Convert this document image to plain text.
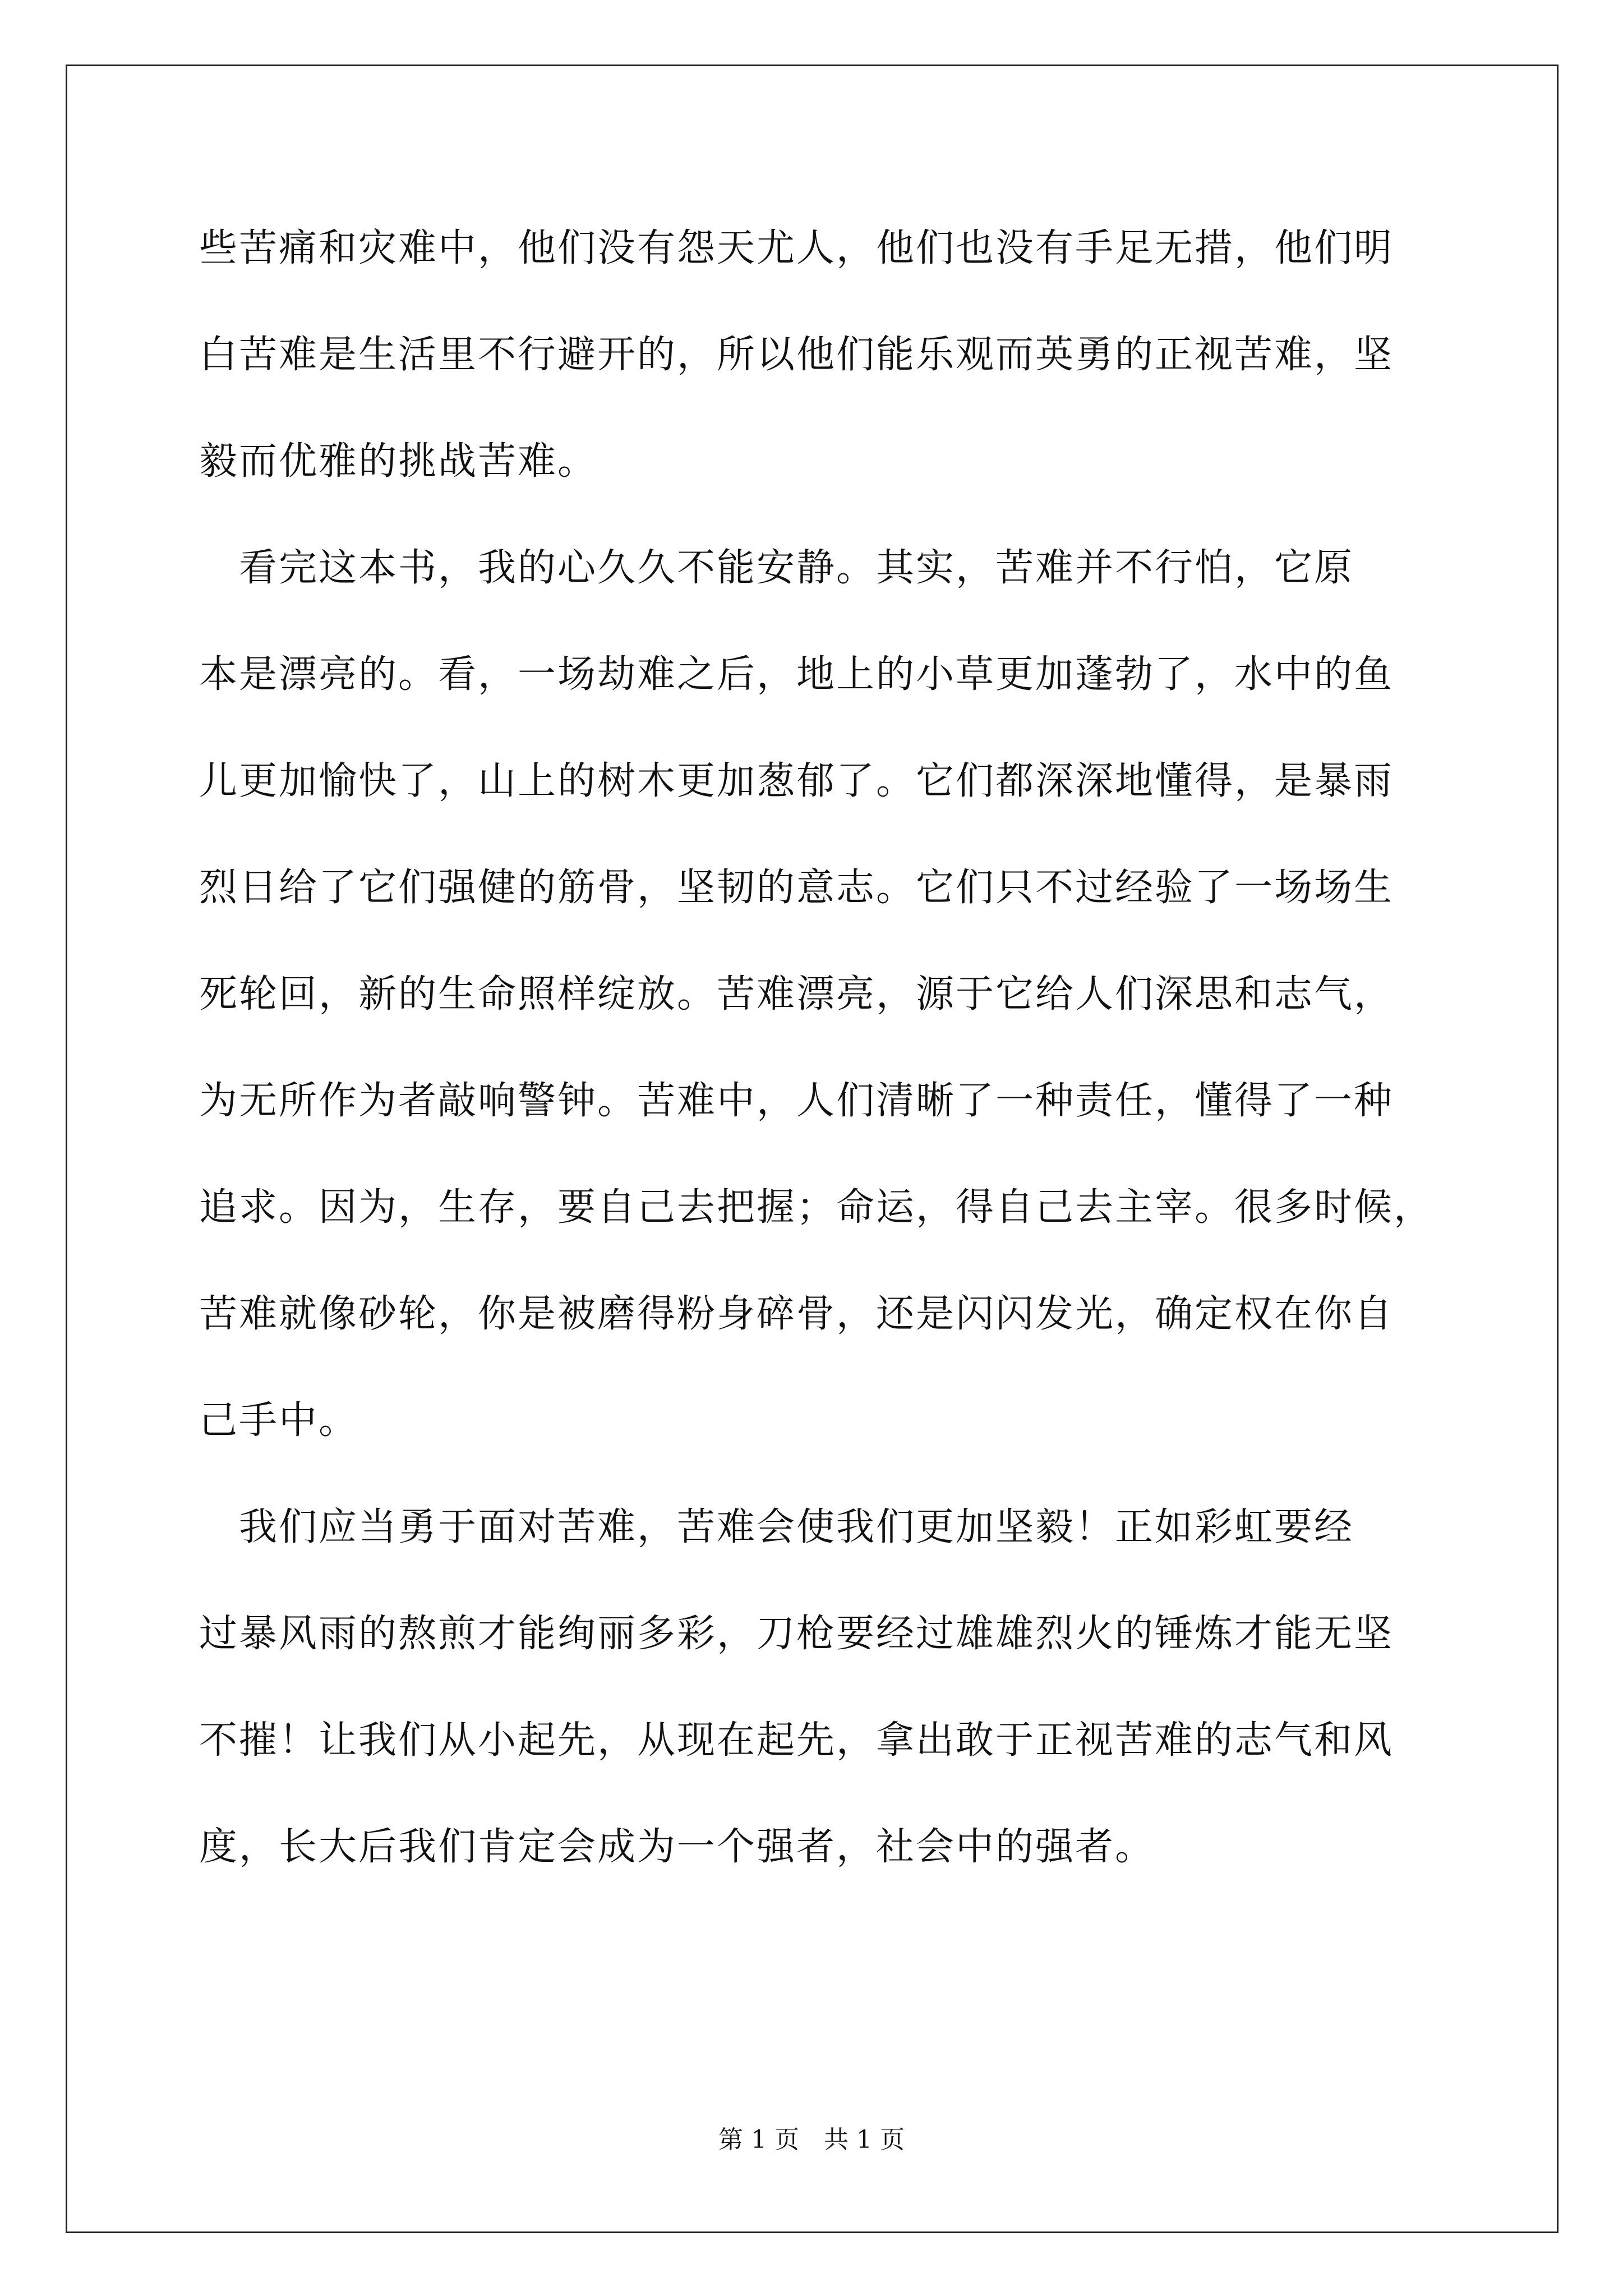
些苦痛和灾难中，他们没有怨天尤人，他们也没有手足无措，他们明
白苦难是生活里不行避开的，所以他们能乐观而英勇的正视苦难，坚
毅而优雅的挑战苦难。
　看完这本书，我的心久久不能安静。其实，苦难并不行怕，它原
本是漂亮的。看，一场劫难之后，地上的小草更加蓬勃了，水中的鱼
儿更加愉快了，山上的树木更加葱郁了。它们都深深地懂得，是暴雨
烈日给了它们强健的筋骨，坚韧的意志。它们只不过经验了一场场生
死轮回，新的生命照样绽放。苦难漂亮，源于它给人们深思和志气，
为无所作为者敲响警钟。苦难中，人们清晰了一种责任，懂得了一种
追求。因为，生存，要自己去把握；命运，得自己去主宰。很多时候，
苦难就像砂轮，你是被磨得粉身碎骨，还是闪闪发光，确定权在你自
己手中。
　我们应当勇于面对苦难，苦难会使我们更加坚毅！正如彩虹要经
过暴风雨的熬煎才能绚丽多彩，刀枪要经过雄雄烈火的锤炼才能无坚
不摧！让我们从小起先，从现在起先，拿出敢于正视苦难的志气和风
度，长大后我们肯定会成为一个强者，社会中的强者。
第 1 页　共 1 页
